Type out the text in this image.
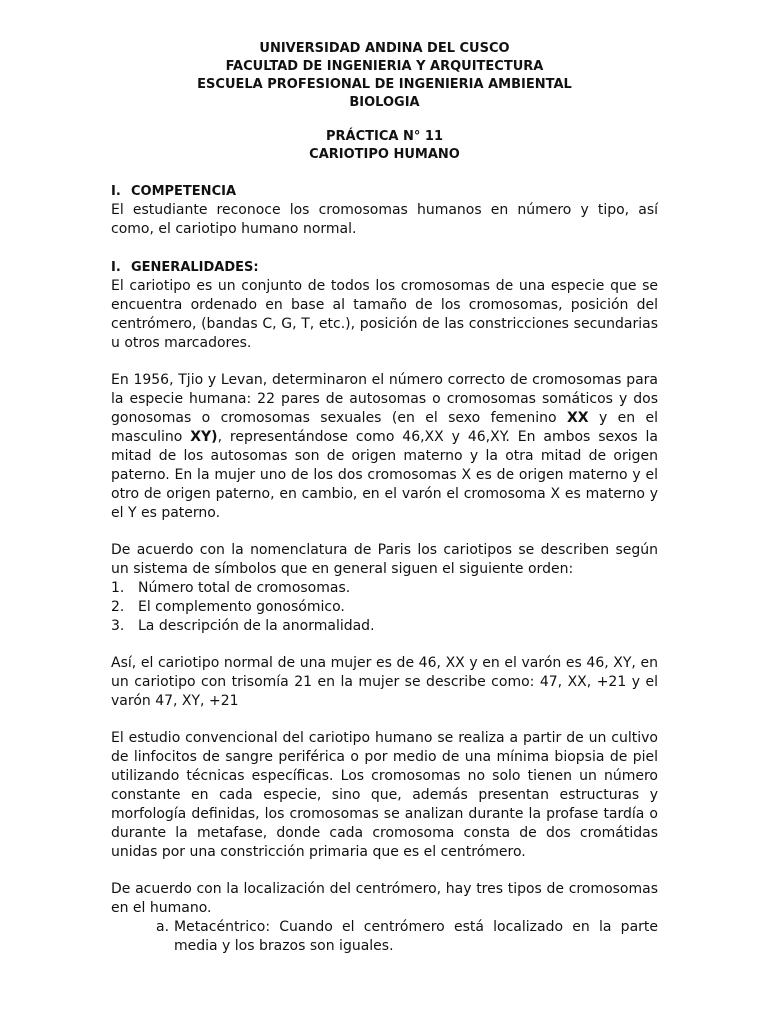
UNIVERSIDAD ANDINA DEL CUSCO
FACULTAD DE INGENIERIA Y ARQUITECTURA
ESCUELA PROFESIONAL DE INGENIERIA AMBIENTAL
BIOLOGIA
PRÁCTICA N° 11
CARIOTIPO HUMANO
I. COMPETENCIA

El estudiante reconoce los cromosomas humanos en número y tipo, así como, el cariotipo humano normal.

I. GENERALIDADES:

El cariotipo es un conjunto de todos los cromosomas de una especie que se encuentra ordenado en base al tamaño de los cromosomas, posición del centrómero, (bandas C, G, T, etc.), posición de las constricciones secundarias u otros marcadores.

En 1956, Tjio y Levan, determinaron el número correcto de cromosomas para la especie humana: 22 pares de autosomas o cromosomas somáticos y dos gonosomas o cromosomas sexuales (en el sexo femenino XX y en el masculino XY), representándose como 46,XX y 46,XY. En ambos sexos la mitad de los autosomas son de origen materno y la otra mitad de origen paterno. En la mujer uno de los dos cromosomas X es de origen materno y el otro de origen paterno, en cambio, en el varón el cromosoma X es materno y el Y es paterno.

De acuerdo con la nomenclatura de Paris los cariotipos se describen según un sistema de símbolos que en general siguen el siguiente orden:

1. Número total de cromosomas.
2. El complemento gonosómico.
3. La descripción de la anormalidad.

Así, el cariotipo normal de una mujer es de 46, XX y en el varón es 46, XY, en un cariotipo con trisomía 21 en la mujer se describe como: 47, XX, +21 y el varón 47, XY, +21

El estudio convencional del cariotipo humano se realiza a partir de un cultivo de linfocitos de sangre periférica o por medio de una mínima biopsia de piel utilizando técnicas específicas. Los cromosomas no solo tienen un número constante en cada especie, sino que, además presentan estructuras y morfología definidas, los cromosomas se analizan durante la profase tardía o durante la metafase, donde cada cromosoma consta de dos cromátidas unidas por una constricción primaria que es el centrómero.

De acuerdo con la localización del centrómero, hay tres tipos de cromosomas en el humano.

a. Metacéntrico: Cuando el centrómero está localizado en la parte media y los brazos son iguales.
